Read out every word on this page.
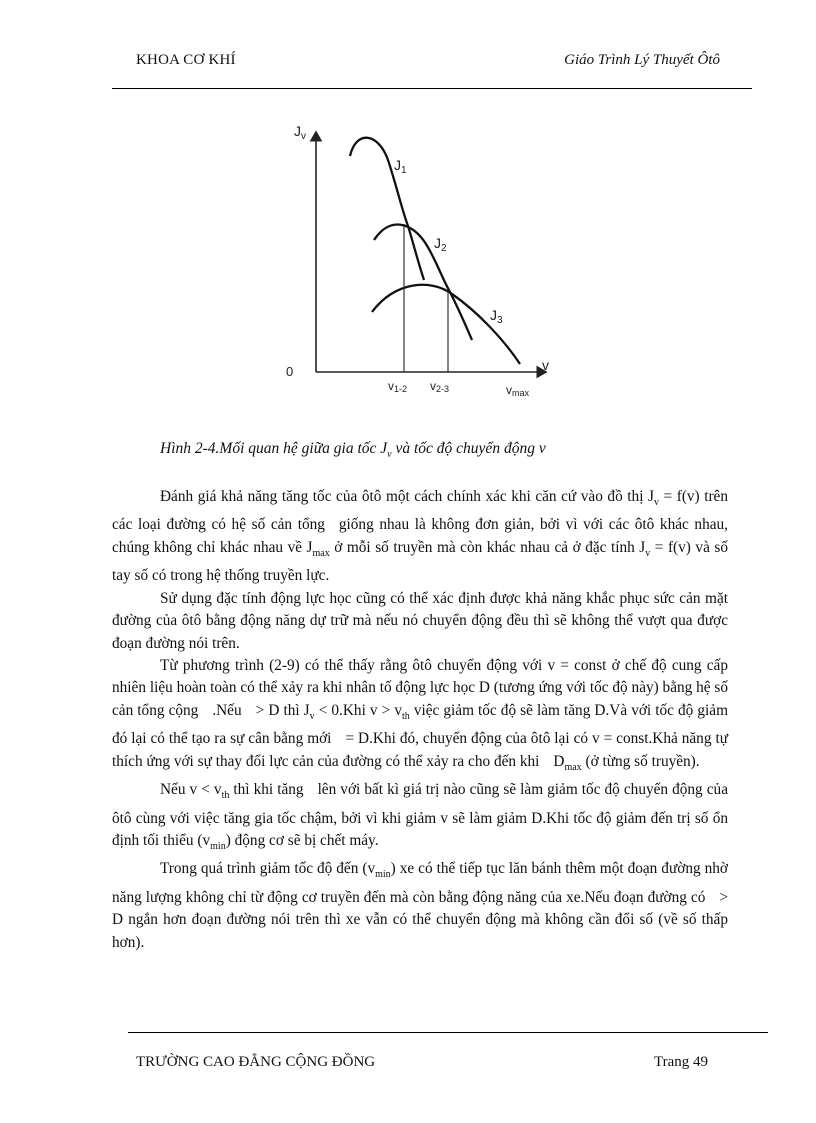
KHOA CƠ KHÍ	Giáo Trình Lý Thuyết Ôtô
$J_v$
v
0
$J_1$
$J_2$
$J_3$
v1-2 v2-3	vmax
Hình 2-4.Mối quan hệ giữa gia tốc $J_v$ và tốc độ chuyển động v

Đánh giá khả năng tăng tốc của ôtô một cách chính xác khi căn cứ vào đồ thị $J_v = f(v)$ trên các loại đường có hệ số cản tổng giống nhau là không đơn giản, bởi vì với các ôtô khác nhau, chúng không chỉ khác nhau về $J_{max}$ ở mỗi số truyền mà còn khác nhau cả ở đặc tính $J_v = f(v)$ và số tay số có trong hệ thống truyền lực.

Sử dụng đặc tính động lực học cũng có thể xác định được khả năng khắc phục sức cản mặt đường của ôtô bằng động năng dự trữ mà nếu nó chuyển động đều thì sẽ không thể vượt qua được đoạn đường nói trên.

Từ phương trình (2-9) có thể thấy rằng ôtô chuyển động với v = const ở chế độ cung cấp nhiên liệu hoàn toàn có thể xảy ra khi nhân tố động lực học D (tương ứng với tốc độ này) bằng hệ số cản tổng cộng .Nếu > D thì $J_v < 0.Khi$ $v > v_{th}$ việc giảm tốc độ sẽ làm tăng D.Và với tốc độ giảm đó lại có thể tạo ra sự cân bằng mới = D.Khi đó, chuyển động của ôtô lại có v = const.Khả năng tự thích ứng với sự thay đổi lực cản của đường có thể xảy ra cho đến khi $D_{max}$ (ở từng số truyền).

Nếu $v < v_{th}$ thì khi tăng lên với bất kì giá trị nào cũng sẽ làm giảm tốc độ chuyển động của ôtô cùng với việc tăng gia tốc chậm, bởi vì khi giảm v sẽ làm giảm D.Khi tốc độ giảm đến trị số ổn định tối thiểu $(v_{min})$ động cơ sẽ bị chết máy.

Trong quá trình giảm tốc độ đến $(v_{min})$ xe có thể tiếp tục lăn bánh thêm một đoạn đường nhờ năng lượng không chỉ từ động cơ truyền đến mà còn bằng động năng của xe.Nếu đoạn đường có > D ngắn hơn đoạn đường nói trên thì xe vẫn có thể chuyển động mà không cần đổi số (về số thấp hơn).

TRƯỜNG CAO ĐẲNG CỘNG ĐỒNG	Trang 49
